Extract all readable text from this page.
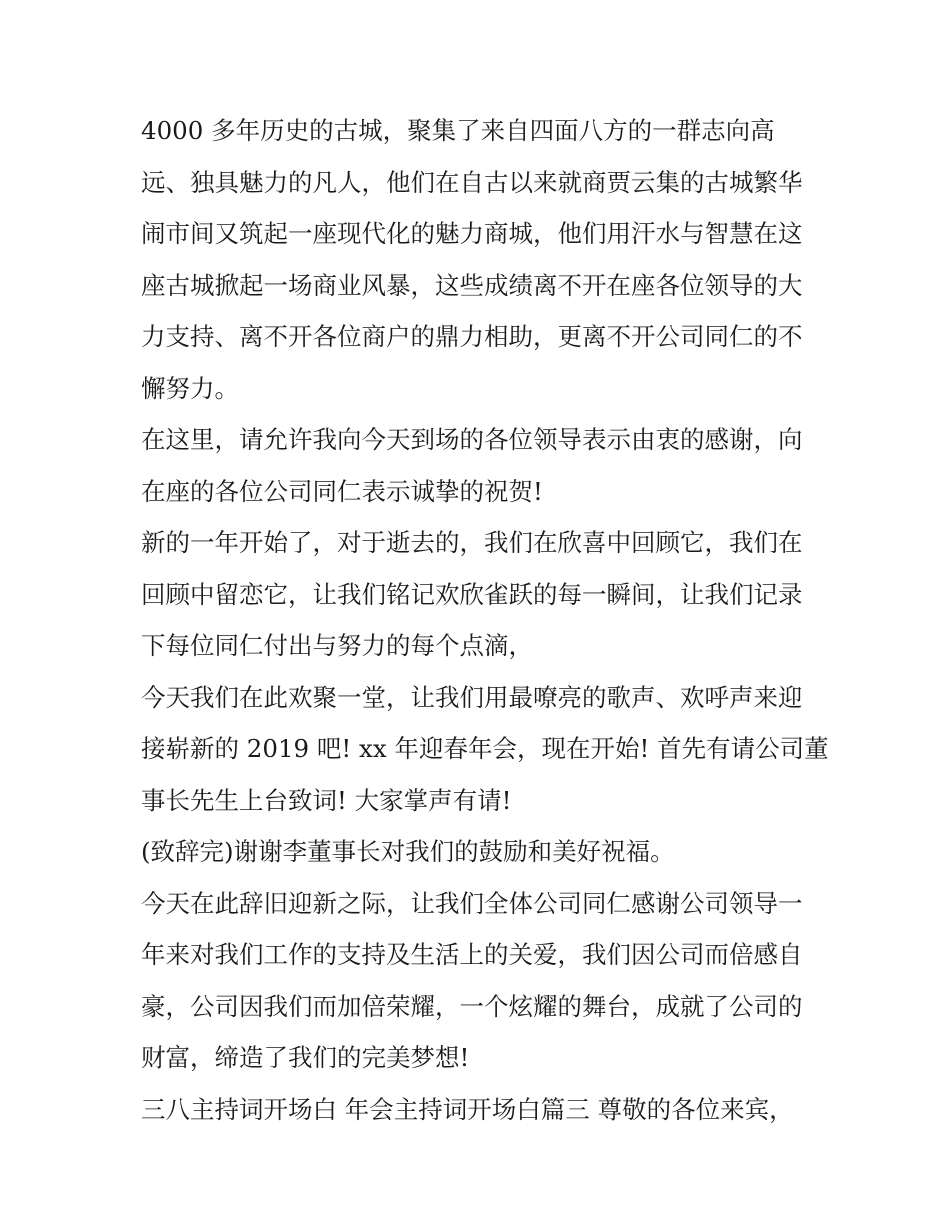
4000 多年历史的古城，聚集了来自四面八方的一群志向高
远、独具魅力的凡人，他们在自古以来就商贾云集的古城繁华
闹市间又筑起一座现代化的魅力商城，他们用汗水与智慧在这
座古城掀起一场商业风暴，这些成绩离不开在座各位领导的大
力支持、离不开各位商户的鼎力相助，更离不开公司同仁的不
懈努力。
在这里，请允许我向今天到场的各位领导表示由衷的感谢，向
在座的各位公司同仁表示诚挚的祝贺!
新的一年开始了，对于逝去的，我们在欣喜中回顾它，我们在
回顾中留恋它，让我们铭记欢欣雀跃的每一瞬间，让我们记录
下每位同仁付出与努力的每个点滴，
今天我们在此欢聚一堂，让我们用最嘹亮的歌声、欢呼声来迎
接崭新的 2019 吧! xx 年迎春年会，现在开始! 首先有请公司董
事长先生上台致词! 大家掌声有请!
(致辞完)谢谢李董事长对我们的鼓励和美好祝福。
今天在此辞旧迎新之际，让我们全体公司同仁感谢公司领导一
年来对我们工作的支持及生活上的关爱，我们因公司而倍感自
豪，公司因我们而加倍荣耀，一个炫耀的舞台，成就了公司的
财富，缔造了我们的完美梦想!
三八主持词开场白 年会主持词开场白篇三 尊敬的各位来宾，
